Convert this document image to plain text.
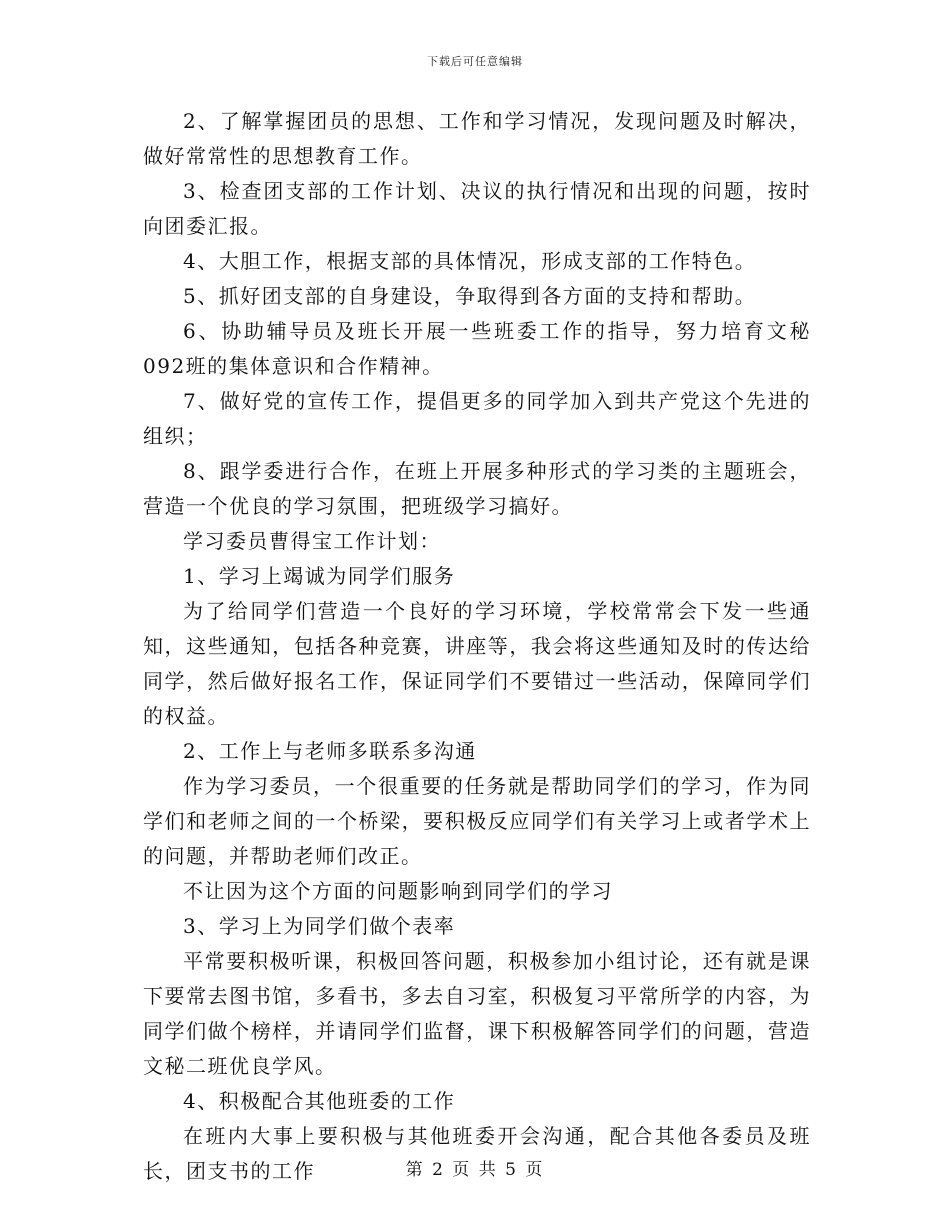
下载后可任意编辑

2、了解掌握团员的思想、工作和学习情况，发现问题及时解决，做好常常性的思想教育工作。

3、检查团支部的工作计划、决议的执行情况和出现的问题，按时向团委汇报。

4、大胆工作，根据支部的具体情况，形成支部的工作特色。

5、抓好团支部的自身建设，争取得到各方面的支持和帮助。

6、协助辅导员及班长开展一些班委工作的指导，努力培育文秘092班的集体意识和合作精神。

7、做好党的宣传工作，提倡更多的同学加入到共产党这个先进的组织；

8、跟学委进行合作，在班上开展多种形式的学习类的主题班会，营造一个优良的学习氛围，把班级学习搞好。

学习委员曹得宝工作计划：

1、学习上竭诚为同学们服务

为了给同学们营造一个良好的学习环境，学校常常会下发一些通知，这些通知，包括各种竞赛，讲座等，我会将这些通知及时的传达给同学，然后做好报名工作，保证同学们不要错过一些活动，保障同学们的权益。

2、工作上与老师多联系多沟通

作为学习委员，一个很重要的任务就是帮助同学们的学习，作为同学们和老师之间的一个桥梁，要积极反应同学们有关学习上或者学术上的问题，并帮助老师们改正。

不让因为这个方面的问题影响到同学们的学习

3、学习上为同学们做个表率

平常要积极听课，积极回答问题，积极参加小组讨论，还有就是课下要常去图书馆，多看书，多去自习室，积极复习平常所学的内容，为同学们做个榜样，并请同学们监督，课下积极解答同学们的问题，营造文秘二班优良学风。

4、积极配合其他班委的工作

在班内大事上要积极与其他班委开会沟通，配合其他各委员及班长，团支书的工作	第 2 页 共 5 页
